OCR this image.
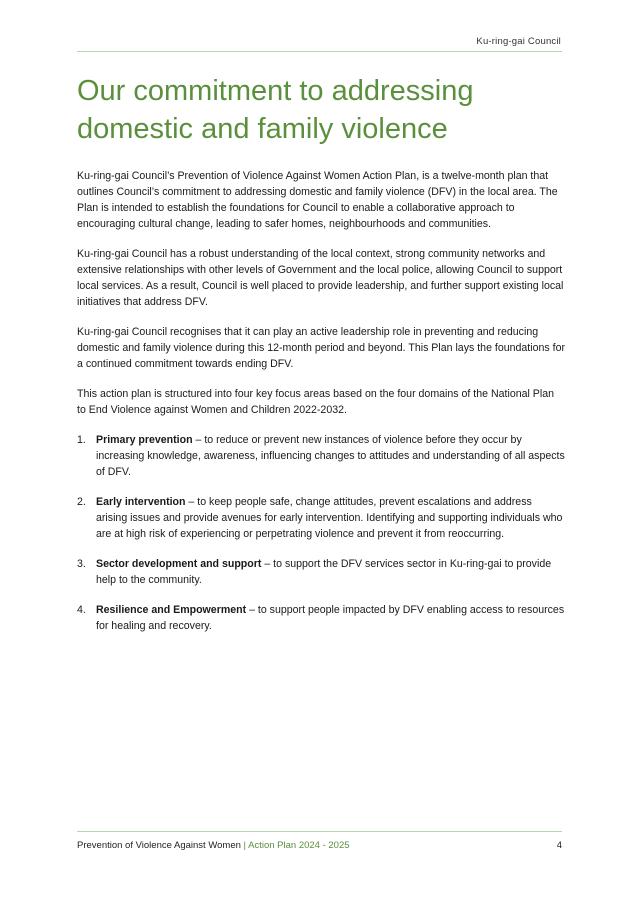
Ku-ring-gai Council
Our commitment to addressing domestic and family violence

Ku-ring-gai Council’s Prevention of Violence Against Women Action Plan, is a twelve-month plan that outlines Council’s commitment to addressing domestic and family violence (DFV) in the local area. The Plan is intended to establish the foundations for Council to enable a collaborative approach to encouraging cultural change, leading to safer homes, neighbourhoods and communities.

Ku-ring-gai Council has a robust understanding of the local context, strong community networks and extensive relationships with other levels of Government and the local police, allowing Council to support local services. As a result, Council is well placed to provide leadership, and further support existing local initiatives that address DFV.

Ku-ring-gai Council recognises that it can play an active leadership role in preventing and reducing domestic and family violence during this 12-month period and beyond. This Plan lays the foundations for a continued commitment towards ending DFV.

This action plan is structured into four key focus areas based on the four domains of the National Plan to End Violence against Women and Children 2022-2032.

1. Primary prevention – to reduce or prevent new instances of violence before they occur by increasing knowledge, awareness, influencing changes to attitudes and understanding of all aspects of DFV.
2. Early intervention – to keep people safe, change attitudes, prevent escalations and address arising issues and provide avenues for early intervention. Identifying and supporting individuals who are at high risk of experiencing or perpetrating violence and prevent it from reoccurring.
3. Sector development and support – to support the DFV services sector in Ku-ring-gai to provide help to the community.
4. Resilience and Empowerment – to support people impacted by DFV enabling access to resources for healing and recovery.
Prevention of Violence Against Women | Action Plan 2024 - 2025	4
